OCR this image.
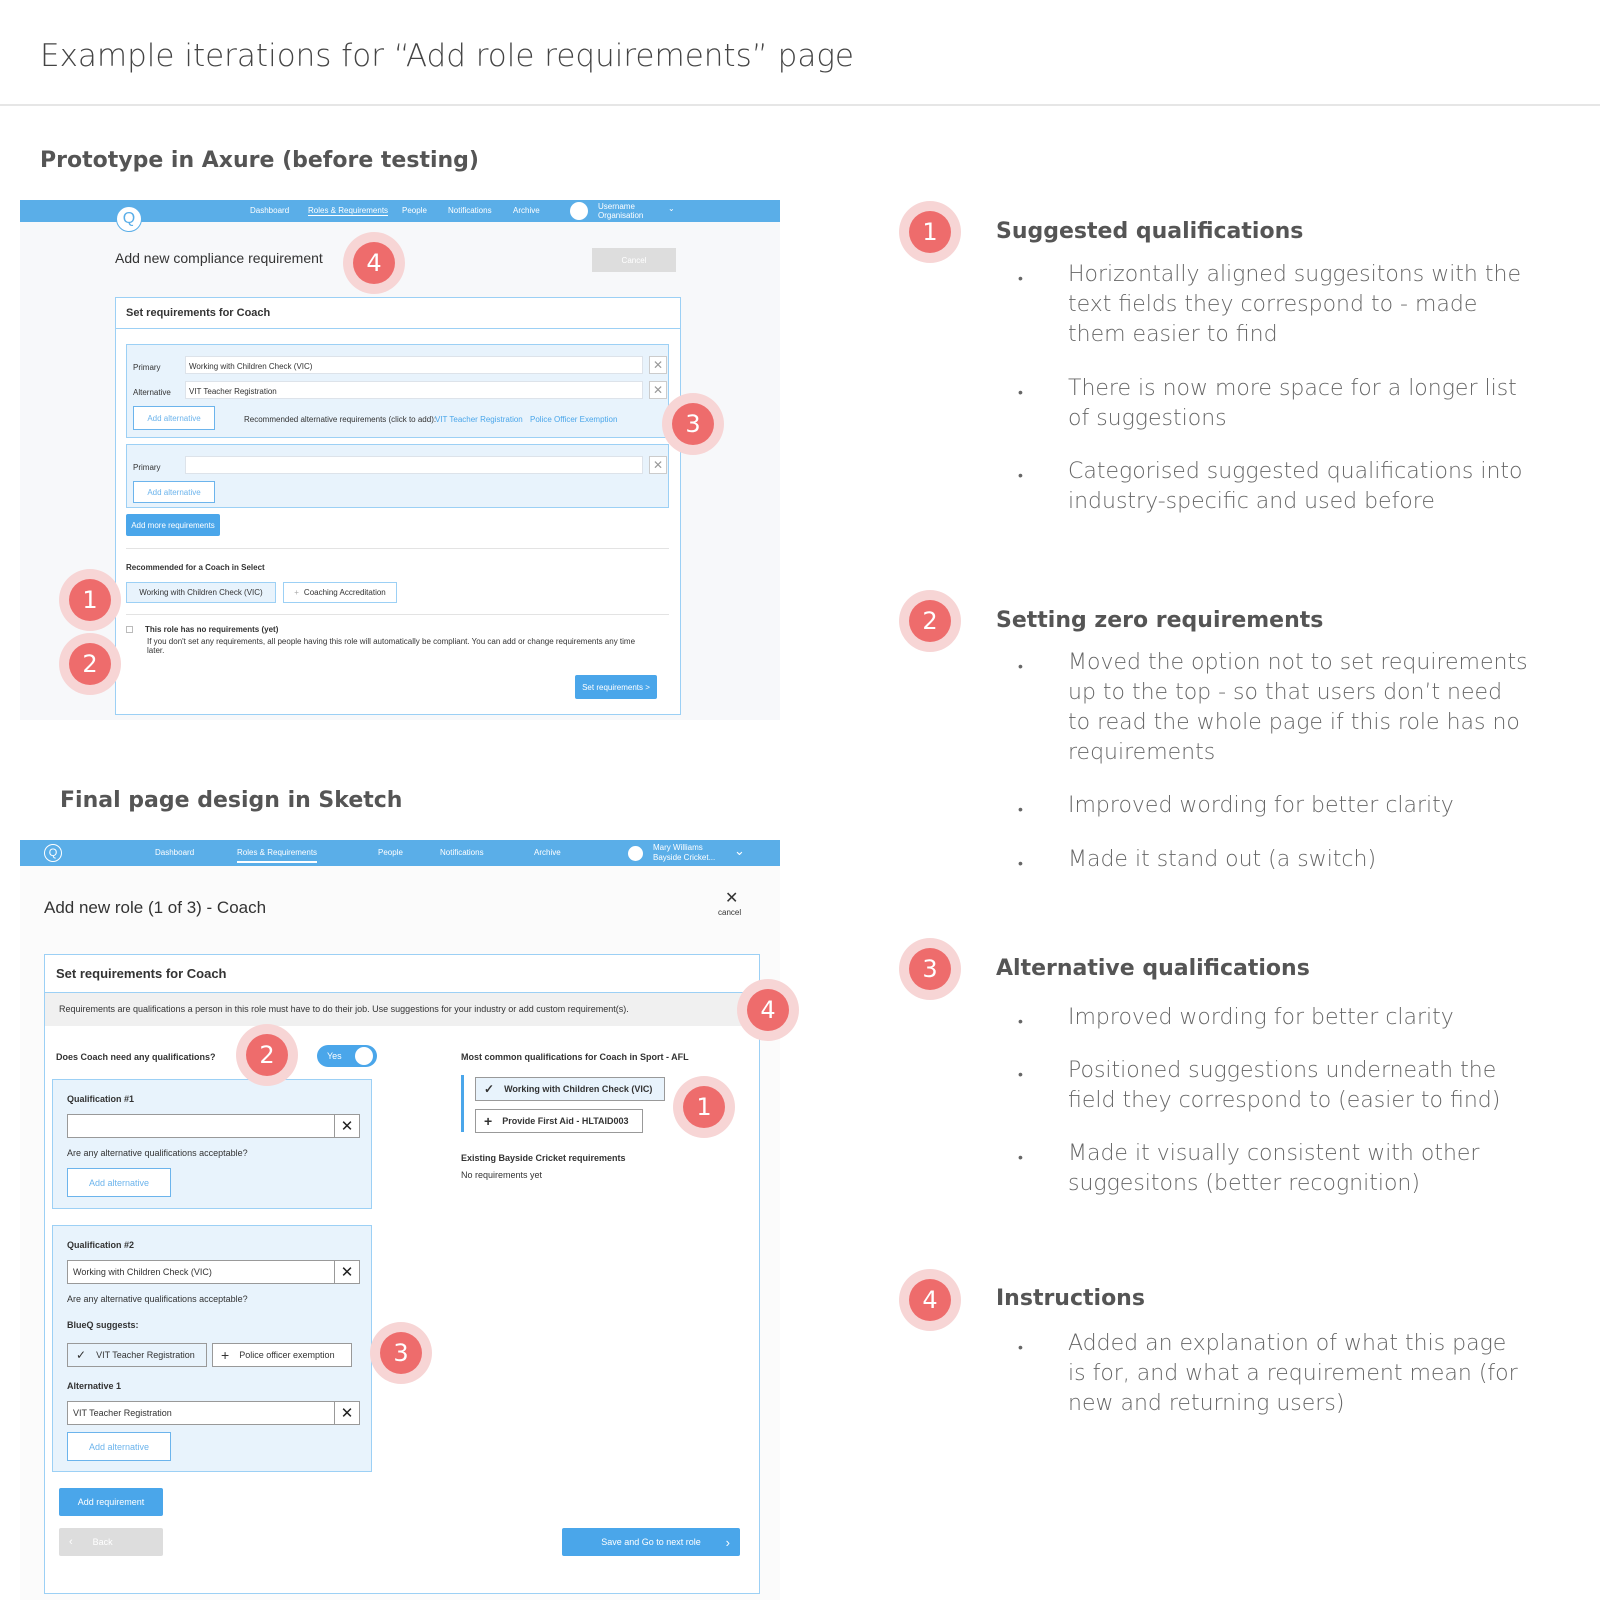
Example iterations for “Add role requirements” page
Prototype in Axure (before testing)
Dashboard Roles & Requirements People	Notifications	Archive	Username
Organisation
⌄
Q
Add new compliance requirement	Cancel
Set requirements for Coach
Primary	Working with Children Check (VIC)	✕
Alternative	VIT Teacher Registration	✕
Add alternative	Recommended alternative requirements (click to add):
VIT Teacher Registration Police Officer Exemption
Primary	✕
Add alternative
Add more requirements
Recommended for a Coach in Select
Working with Children Check (VIC)	+ Coaching Accreditation
This role has no requirements (yet)
If you don't set any requirements, all people having this role will automatically be compliant. You can add or change requirements any time later.
Set requirements >
4
3
1
2
Final page design in Sketch
Q	Dashboard	Roles & Requirements	People	Notifications	Archive
Mary Williams
Bayside Cricket... ⌄
Add new role (1 of 3) - Coach	✕
cancel
Set requirements for Coach
Requirements are qualifications a person in this role must have to do their job. Use suggestions for your industry or add custom requirement(s).
Does Coach need any qualifications?	Yes
Qualification #1
✕
Are any alternative qualifications acceptable?
Add alternative
Qualification #2
Working with Children Check (VIC)	✕
Are any alternative qualifications acceptable?
BlueQ suggests:
✓ VIT Teacher Registration + Police officer exemption
Alternative 1
VIT Teacher Registration	✕
Add alternative
Add requirement
‹ Back	Save and Go to next role ›
Most common qualifications for Coach in Sport - AFL
✓ Working with Children Check (VIC)
+ Provide First Aid - HLTAID003
Existing Bayside Cricket requirements
No requirements yet
2
4
1
3
1	Suggested qualifications
• Horizontally aligned suggesitons with the text fields they correspond to - made them easier to find
• There is now more space for a longer list of suggestions
• Categorised suggested qualifications into industry-specific and used before
2	Setting zero requirements
• Moved the option not to set requirements up to the top - so that users don’t need to read the whole page if this role has no requirements
• Improved wording for better clarity
• Made it stand out (a switch)
3	Alternative qualifications
• Improved wording for better clarity
• Positioned suggestions underneath the field they correspond to (easier to find)
• Made it visually consistent with other suggesitons (better recognition)
4	Instructions
• Added an explanation of what this page is for, and what a requirement mean (for new and returning users)
